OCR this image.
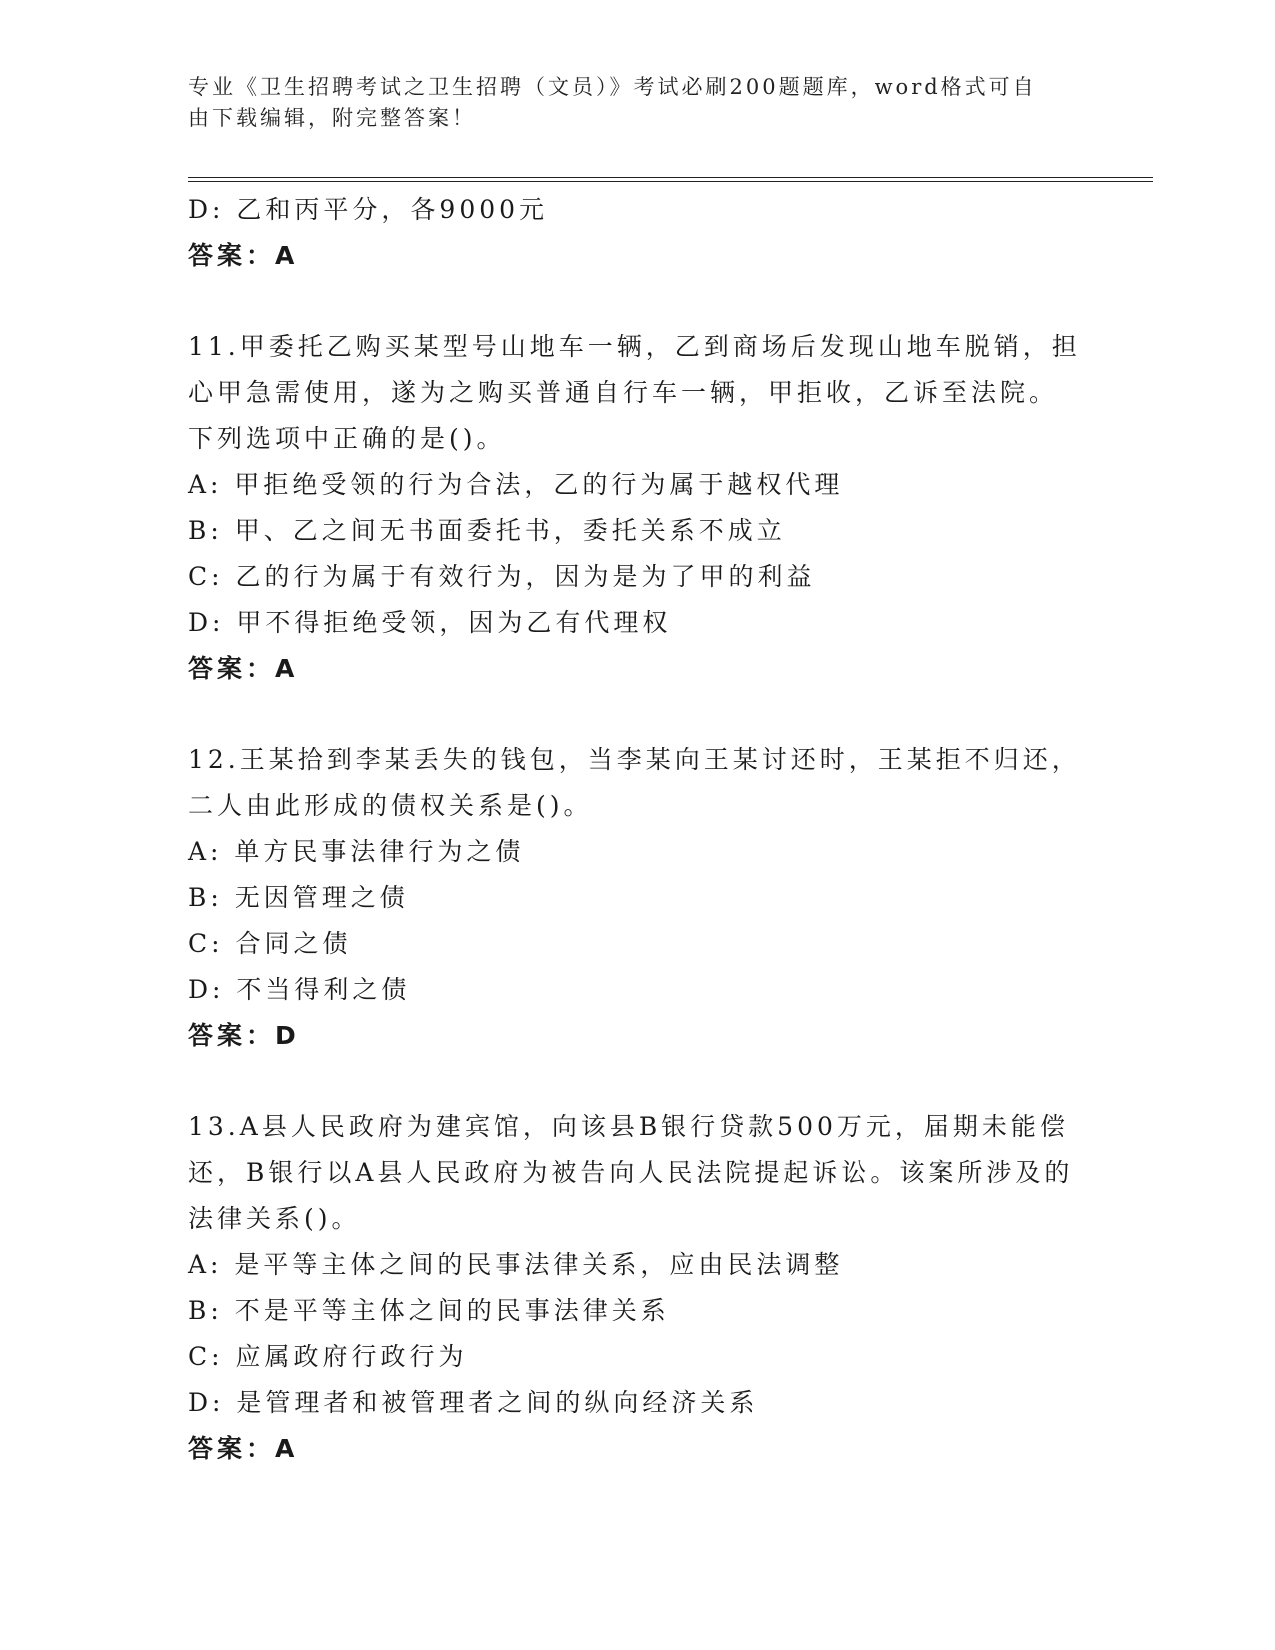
专业《卫生招聘考试之卫生招聘（文员）》考试必刷200题题库，word格式可自
由下载编辑，附完整答案！
D: 乙和丙平分，各9000元
答案：A
11.甲委托乙购买某型号山地车一辆，乙到商场后发现山地车脱销，担
心甲急需使用，遂为之购买普通自行车一辆，甲拒收，乙诉至法院。
下列选项中正确的是()。
A: 甲拒绝受领的行为合法，乙的行为属于越权代理
B: 甲、乙之间无书面委托书，委托关系不成立
C: 乙的行为属于有效行为，因为是为了甲的利益
D: 甲不得拒绝受领，因为乙有代理权
答案：A
12.王某拾到李某丢失的钱包，当李某向王某讨还时，王某拒不归还，
二人由此形成的债权关系是()。
A: 单方民事法律行为之债
B: 无因管理之债
C: 合同之债
D: 不当得利之债
答案：D
13.A县人民政府为建宾馆，向该县B银行贷款500万元，届期未能偿
还，B银行以A县人民政府为被告向人民法院提起诉讼。该案所涉及的
法律关系()。
A: 是平等主体之间的民事法律关系，应由民法调整
B: 不是平等主体之间的民事法律关系
C: 应属政府行政行为
D: 是管理者和被管理者之间的纵向经济关系
答案：A
